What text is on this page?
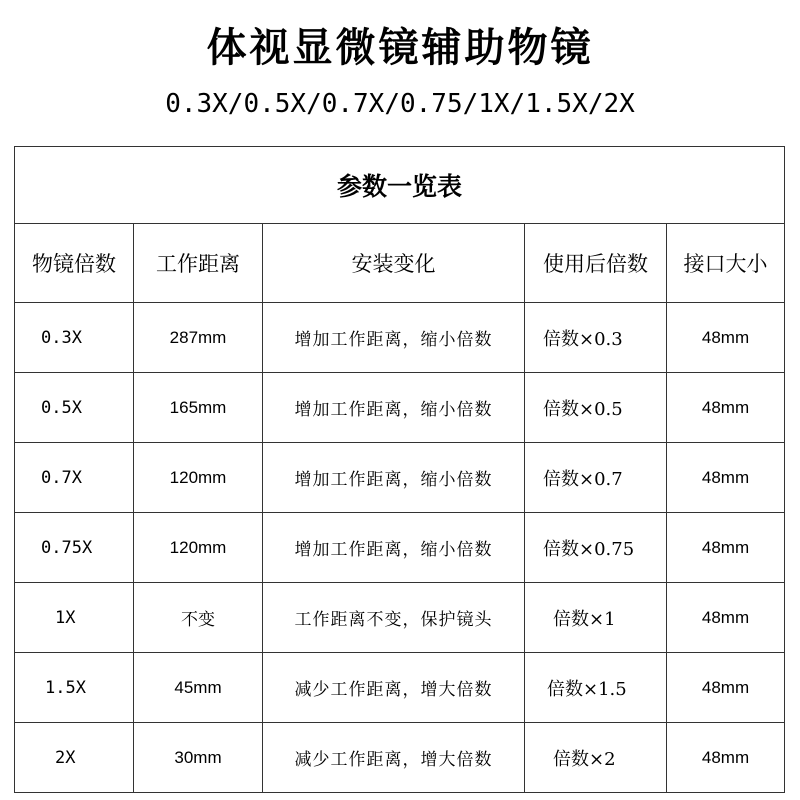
体视显微镜辅助物镜
0.3X/0.5X/0.7X/0.75/1X/1.5X/2X
参数一览表				
物镜倍数	工作距离	安装变化	使用后倍数	接口大小
0.3X	287mm	增加工作距离，缩小倍数	倍数×0.3	48mm
0.5X	165mm	增加工作距离，缩小倍数	倍数×0.5	48mm
0.7X	120mm	增加工作距离，缩小倍数	倍数×0.7	48mm
0.75X	120mm	增加工作距离，缩小倍数	倍数×0.75	48mm
1X	不变	工作距离不变，保护镜头	倍数×1	48mm
1.5X	45mm	减少工作距离，增大倍数	倍数×1.5	48mm
2X	30mm	减少工作距离，增大倍数	倍数×2	48mm
